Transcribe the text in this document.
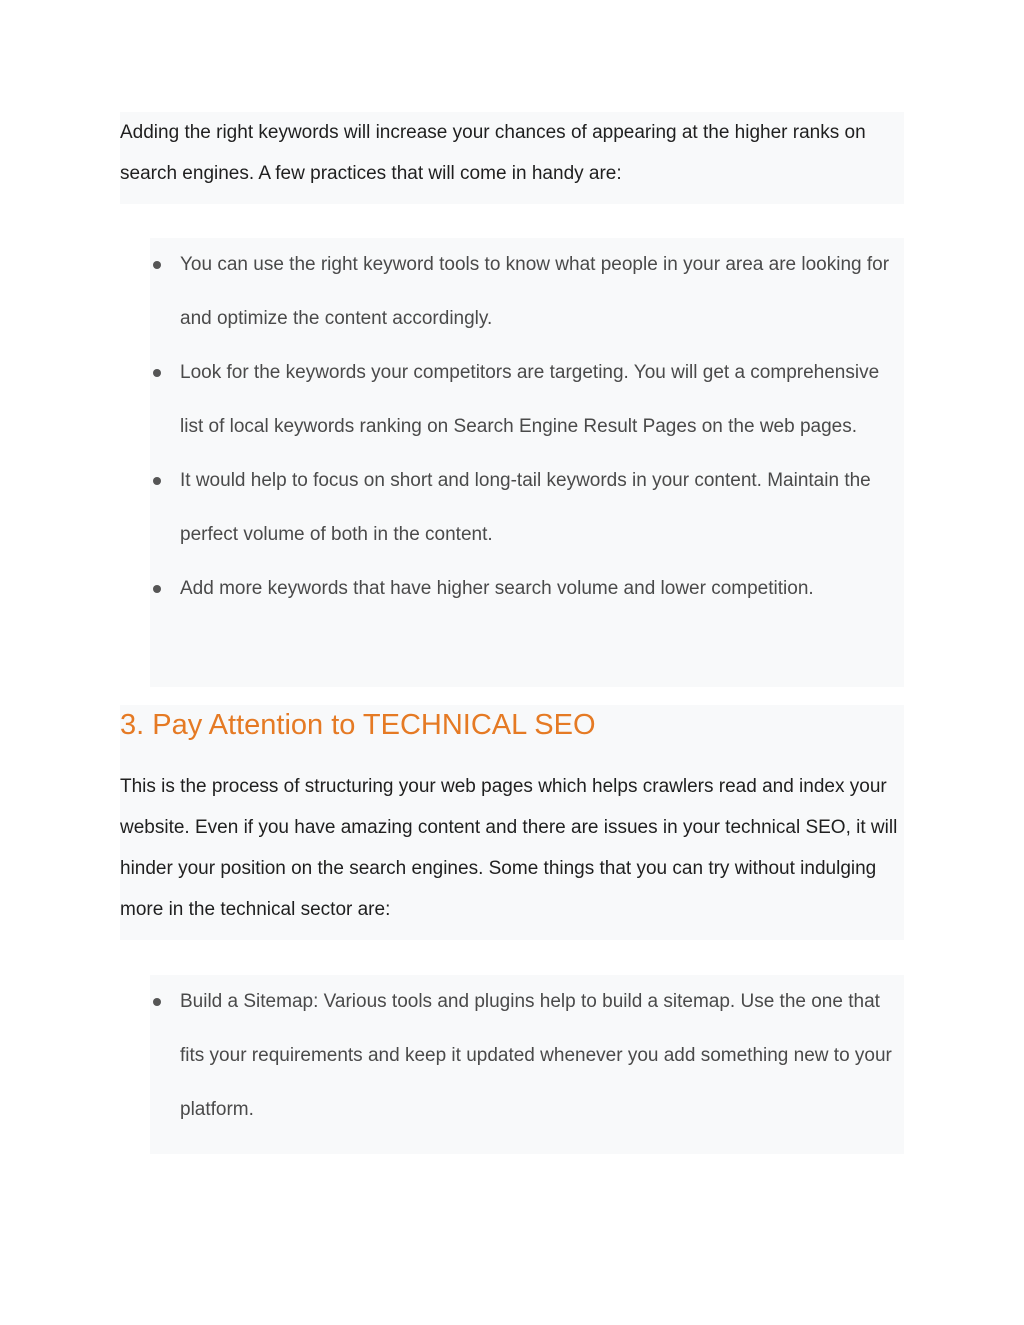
Adding the right keywords will increase your chances of appearing at the higher ranks on search engines. A few practices that will come in handy are:

You can use the right keyword tools to know what people in your area are looking for and optimize the content accordingly.
Look for the keywords your competitors are targeting. You will get a comprehensive list of local keywords ranking on Search Engine Result Pages on the web pages.
It would help to focus on short and long-tail keywords in your content. Maintain the perfect volume of both in the content.
Add more keywords that have higher search volume and lower competition.
3. Pay Attention to TECHNICAL SEO

This is the process of structuring your web pages which helps crawlers read and index your website. Even if you have amazing content and there are issues in your technical SEO, it will hinder your position on the search engines. Some things that you can try without indulging more in the technical sector are:

Build a Sitemap: Various tools and plugins help to build a sitemap. Use the one that fits your requirements and keep it updated whenever you add something new to your platform.
